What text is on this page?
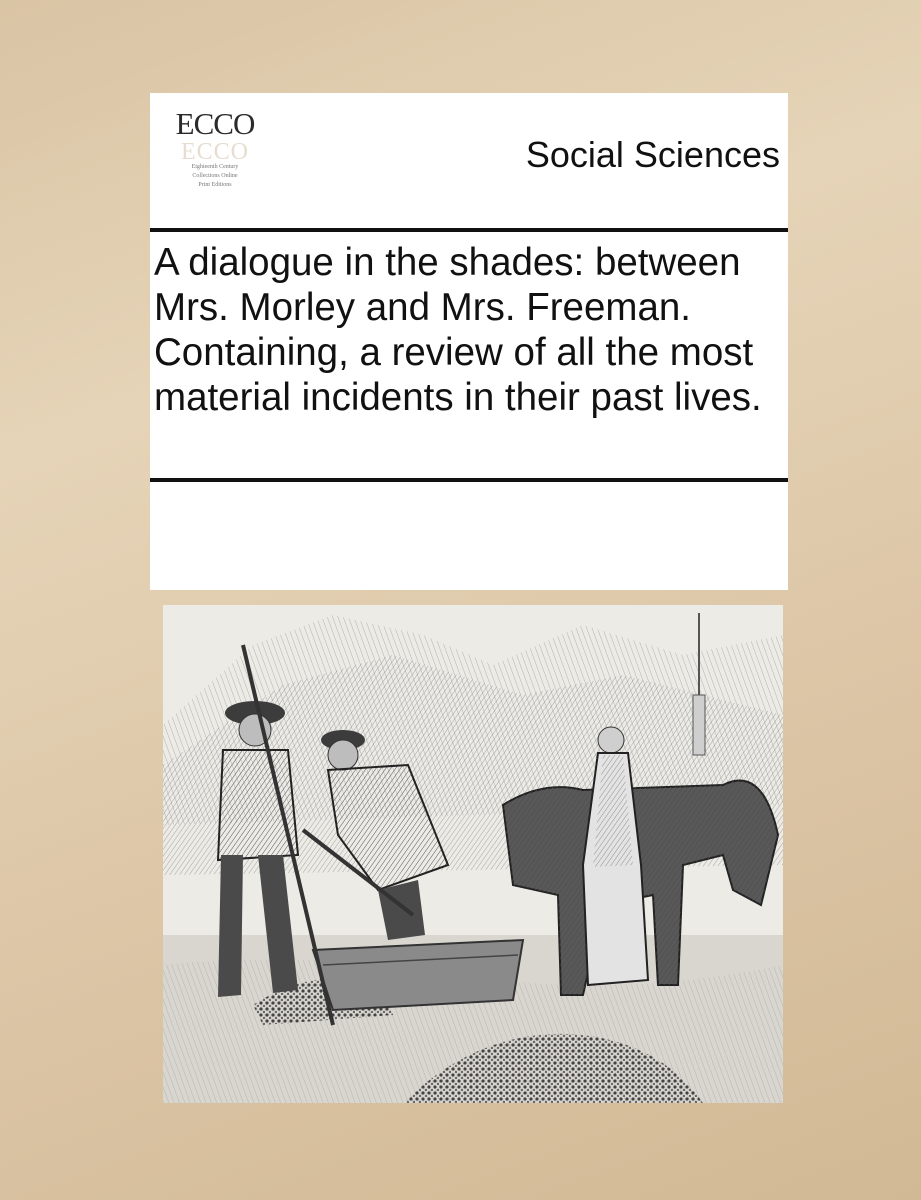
ECCO
ECCO
Eighteenth Century
Collections Online
Print Editions
Social Sciences
A dialogue in the shades: between Mrs. Morley and Mrs. Freeman. Containing, a review of all the most material incidents in their past lives.
